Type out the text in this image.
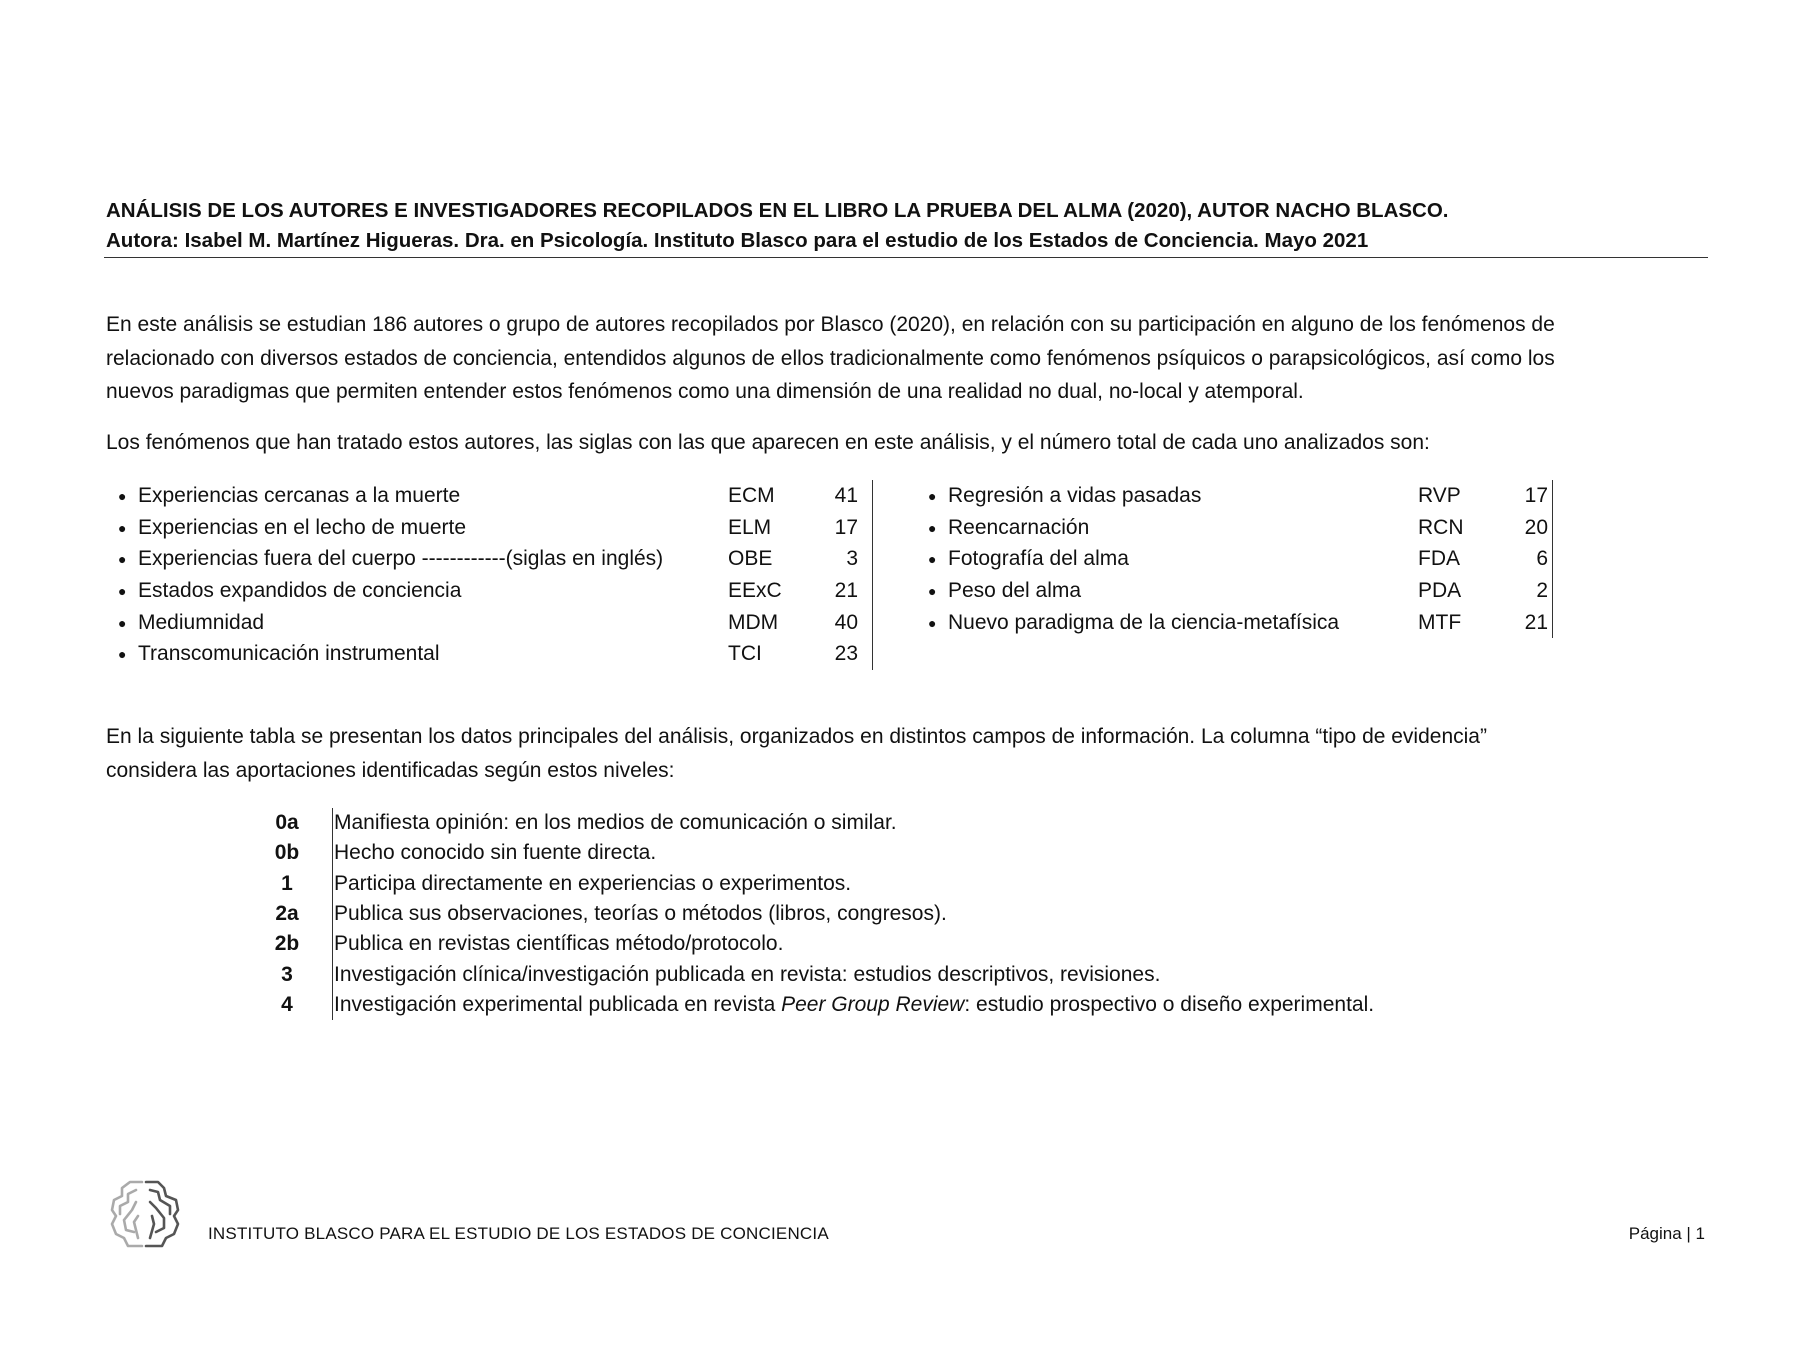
ANÁLISIS DE LOS AUTORES E INVESTIGADORES RECOPILADOS EN EL LIBRO LA PRUEBA DEL ALMA (2020), AUTOR NACHO BLASCO.
Autora: Isabel M. Martínez Higueras. Dra. en Psicología. Instituto Blasco para el estudio de los Estados de Conciencia. Mayo 2021
En este análisis se estudian 186 autores o grupo de autores recopilados por Blasco (2020), en relación con su participación en alguno de los fenómenos de
relacionado con diversos estados de conciencia, entendidos algunos de ellos tradicionalmente como fenómenos psíquicos o parapsicológicos, así como los
nuevos paradigmas que permiten entender estos fenómenos como una dimensión de una realidad no dual, no-local y atemporal.
Los fenómenos que han tratado estos autores, las siglas con las que aparecen en este análisis, y el número total de cada uno analizados son:
● Experiencias cercanas a la muerte	ECM	41
● Experiencias en el lecho de muerte	ELM	17
● Experiencias fuera del cuerpo ------------(siglas en inglés)	OBE	3
● Estados expandidos de conciencia	EExC	21
● Mediumnidad	MDM	40
● Transcomunicación instrumental	TCI	23
● Regresión a vidas pasadas	RVP	17
● Reencarnación	RCN	20
● Fotografía del alma	FDA	6
● Peso del alma	PDA	2
● Nuevo paradigma de la ciencia-metafísica	MTF	21
En la siguiente tabla se presentan los datos principales del análisis, organizados en distintos campos de información. La columna “tipo de evidencia”
considera las aportaciones identificadas según estos niveles:
0a	Manifiesta opinión: en los medios de comunicación o similar.
0b	Hecho conocido sin fuente directa.
1	Participa directamente en experiencias o experimentos.
2a	Publica sus observaciones, teorías o métodos (libros, congresos).
2b	Publica en revistas científicas método/protocolo.
3	Investigación clínica/investigación publicada en revista: estudios descriptivos, revisiones.
4	Investigación experimental publicada en revista Peer Group Review: estudio prospectivo o diseño experimental.
INSTITUTO BLASCO PARA EL ESTUDIO DE LOS ESTADOS DE CONCIENCIA	Página | 1
